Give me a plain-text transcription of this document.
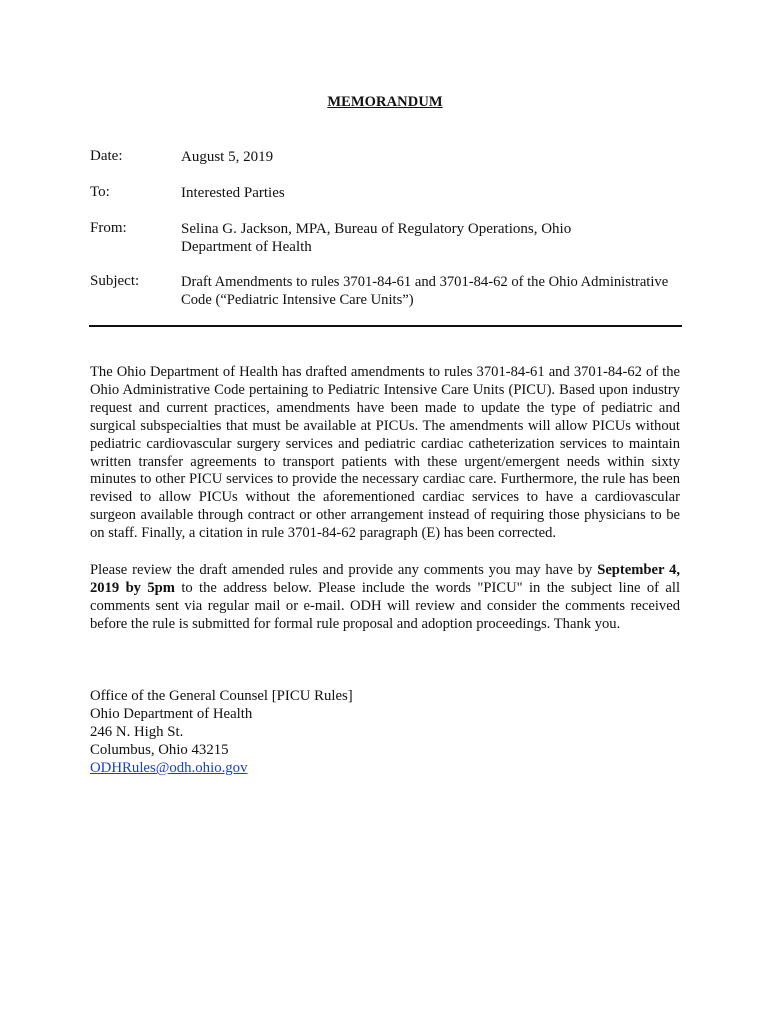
MEMORANDUM
Date:	August 5, 2019
To:	Interested Parties
From:	Selina G. Jackson, MPA, Bureau of Regulatory Operations, Ohio
Department of Health
Subject:	Draft Amendments to rules 3701-84-61 and 3701-84-62 of the Ohio Administrative
Code (“Pediatric Intensive Care Units”)
The Ohio Department of Health has drafted amendments to rules 3701-84-61 and 3701-84-62 of the Ohio Administrative Code pertaining to Pediatric Intensive Care Units (PICU). Based upon industry request and current practices, amendments have been made to update the type of pediatric and surgical subspecialties that must be available at PICUs. The amendments will allow PICUs without pediatric cardiovascular surgery services and pediatric cardiac catheterization services to maintain written transfer agreements to transport patients with these urgent/emergent needs within sixty minutes to other PICU services to provide the necessary cardiac care. Furthermore, the rule has been revised to allow PICUs without the aforementioned cardiac services to have a cardiovascular surgeon available through contract or other arrangement instead of requiring those physicians to be on staff. Finally, a citation in rule 3701-84-62 paragraph (E) has been corrected.
Please review the draft amended rules and provide any comments you may have by September 4, 2019 by 5pm to the address below. Please include the words "PICU" in the subject line of all comments sent via regular mail or e-mail. ODH will review and consider the comments received before the rule is submitted for formal rule proposal and adoption proceedings. Thank you.
Office of the General Counsel [PICU Rules]
Ohio Department of Health
246 N. High St.
Columbus, Ohio 43215
ODHRules@odh.ohio.gov
